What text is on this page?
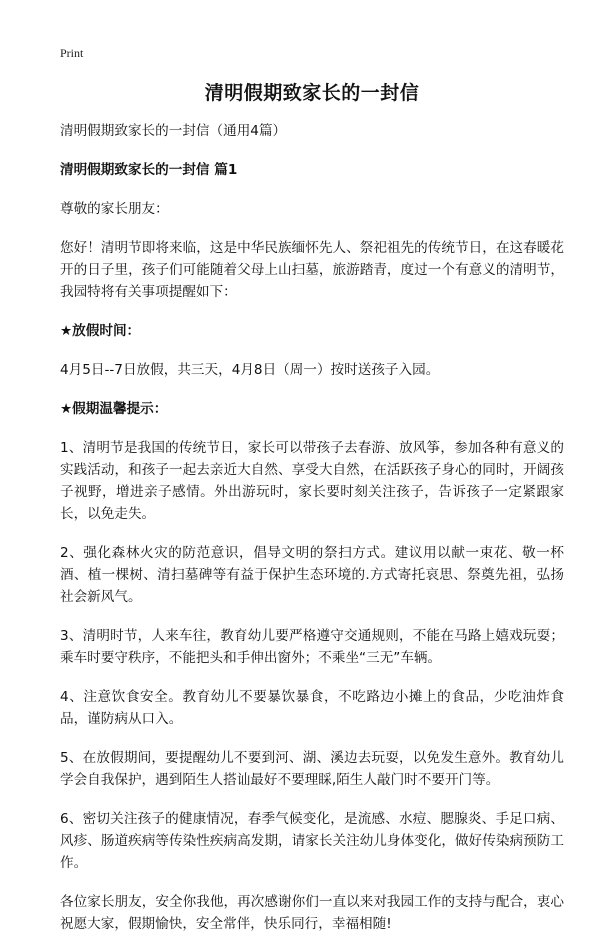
Print
清明假期致家长的一封信

清明假期致家长的一封信（通用4篇）

清明假期致家长的一封信 篇1

尊敬的家长朋友：

您好！清明节即将来临，这是中华民族缅怀先人、祭祀祖先的传统节日，在这春暖花开的日子里，孩子们可能随着父母上山扫墓，旅游踏青，度过一个有意义的清明节，我园特将有关事项提醒如下：

★放假时间：

4月5日--7日放假，共三天，4月8日（周一）按时送孩子入园。

★假期温馨提示：

1、清明节是我国的传统节日，家长可以带孩子去春游、放风筝，参加各种有意义的实践活动，和孩子一起去亲近大自然、享受大自然，在活跃孩子身心的同时，开阔孩子视野，增进亲子感情。外出游玩时，家长要时刻关注孩子，告诉孩子一定紧跟家长，以免走失。

2、强化森林火灾的防范意识，倡导文明的祭扫方式。建议用以献一束花、敬一杯酒、植一棵树、清扫墓碑等有益于保护生态环境的.方式寄托哀思、祭奠先祖，弘扬社会新风气。

3、清明时节，人来车往，教育幼儿要严格遵守交通规则，不能在马路上嬉戏玩耍；乘车时要守秩序，不能把头和手伸出窗外；不乘坐“三无”车辆。

4、注意饮食安全。教育幼儿不要暴饮暴食，不吃路边小摊上的食品，少吃油炸食品，谨防病从口入。

5、在放假期间，要提醒幼儿不要到河、湖、溪边去玩耍，以免发生意外。教育幼儿学会自我保护，遇到陌生人搭讪最好不要理睬,陌生人敲门时不要开门等。

6、密切关注孩子的健康情况，春季气候变化，是流感、水痘、腮腺炎、手足口病、风疹、肠道疾病等传染性疾病高发期，请家长关注幼儿身体变化，做好传染病预防工作。

各位家长朋友，安全你我他，再次感谢你们一直以来对我园工作的支持与配合，衷心祝愿大家，假期愉快，安全常伴，快乐同行，幸福相随!
